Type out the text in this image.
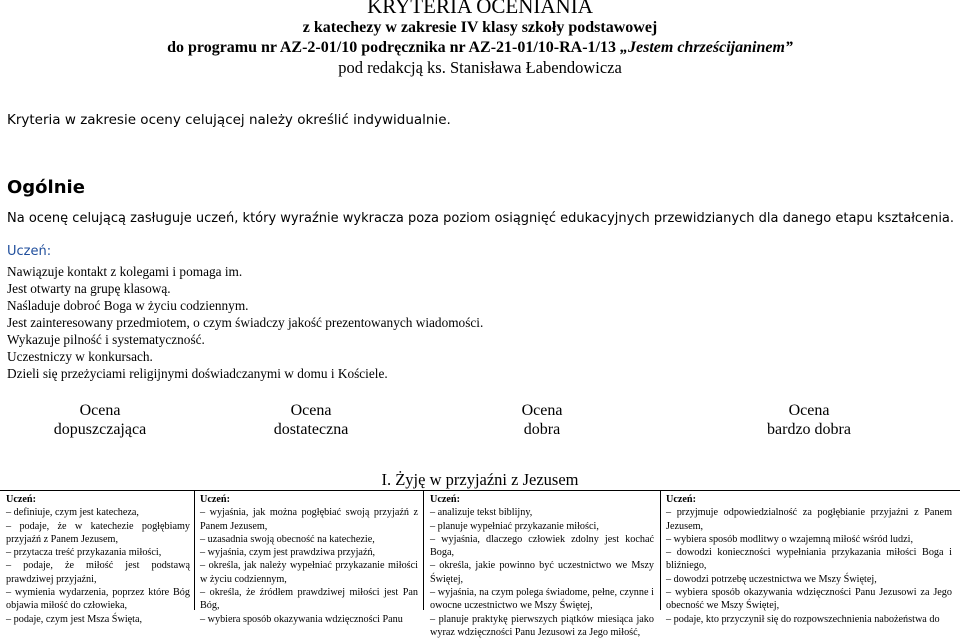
KRYTERIA OCENIANIA
z katechezy w zakresie IV klasy szkoły podstawowej
do programu nr AZ-2-01/10 podręcznika nr AZ-21-01/10-RA-1/13 „Jestem chrześcijaninem”
pod redakcją ks. Stanisława Łabendowicza
Kryteria w zakresie oceny celującej należy określić indywidualnie.
Ogólnie
Na ocenę celującą zasługuje uczeń, który wyraźnie wykracza poza poziom osiągnięć edukacyjnych przewidzianych dla danego etapu kształcenia.
Uczeń:
Nawiązuje kontakt z kolegami i pomaga im.
Jest otwarty na grupę klasową.
Naśladuje dobroć Boga w życiu codziennym.
Jest zainteresowany przedmiotem, o czym świadczy jakość prezentowanych wiadomości.
Wykazuje pilność i systematyczność.
Uczestniczy w konkursach.
Dzieli się przeżyciami religijnymi doświadczanymi w domu i Kościele.
Ocena
dopuszczająca
Ocena
dostateczna
Ocena
dobra
Ocena
bardzo dobra
I. Żyję w przyjaźni z Jezusem

Uczeń:

– definiuje, czym jest katecheza,

– podaje, że w katechezie pogłębiamy przyjaźń z Panem Jezusem,

– przytacza treść przykazania miłości,

– podaje, że miłość jest podstawą prawdziwej przyjaźni,

– wymienia wydarzenia, poprzez które Bóg objawia miłość do człowieka,

– podaje, czym jest Msza Święta,

Uczeń:

– wyjaśnia, jak można pogłębiać swoją przyjaźń z Panem Jezusem,

– uzasadnia swoją obecność na katechezie,

– wyjaśnia, czym jest prawdziwa przyjaźń,

– określa, jak należy wypełniać przykazanie miłości w życiu codziennym,

– określa, że źródłem prawdziwej miłości jest Pan Bóg,

– wybiera sposób okazywania wdzięczności Panu

Uczeń:

– analizuje tekst biblijny,

– planuje wypełniać przykazanie miłości,

– wyjaśnia, dlaczego człowiek zdolny jest kochać Boga,

– określa, jakie powinno być uczestnictwo we Mszy Świętej,

– wyjaśnia, na czym polega świadome, pełne, czynne i owocne uczestnictwo we Mszy Świętej,

– planuje praktykę pierwszych piątków miesiąca jako wyraz wdzięczności Panu Jezusowi za Jego miłość,

Uczeń:

– przyjmuje odpowiedzialność za pogłębianie przyjaźni z Panem Jezusem,

– wybiera sposób modlitwy o wzajemną miłość wśród ludzi,

– dowodzi konieczności wypełniania przykazania miłości Boga i bliźniego,

– dowodzi potrzebę uczestnictwa we Mszy Świętej,

– wybiera sposób okazywania wdzięczności Panu Jezusowi za Jego obecność we Mszy Świętej,

– podaje, kto przyczynił się do rozpowszechnienia nabożeństwa do
